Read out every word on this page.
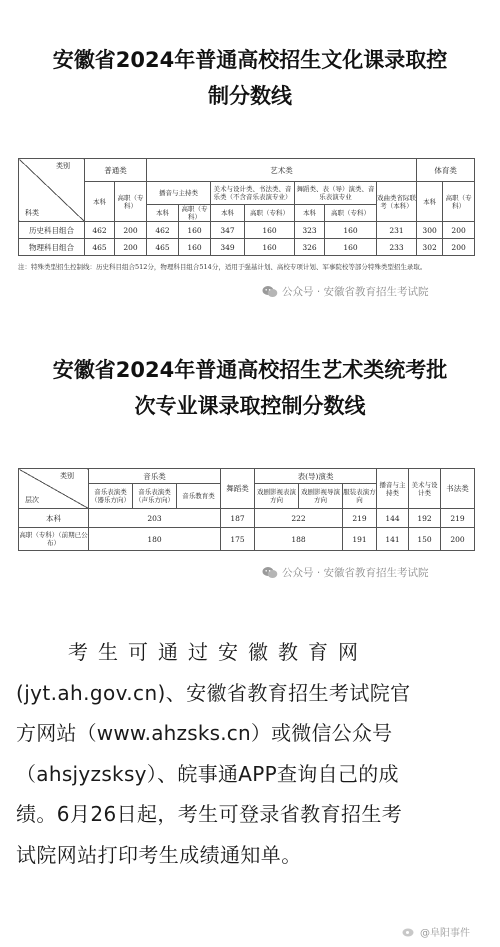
安徽省2024年普通高校招生文化课录取控
制分数线
类别
科类	普通类		艺术类							体育类	
	本科	高职（专科）	播音与主持类		美术与设计类、书法类、音乐类（不含音乐表演专业）		舞蹈类、表（导）演类、音乐表演专业		戏曲类省际联考（本科）	本科	高职（专科）
			本科	高职（专科）	本科	高职（专科）	本科	高职（专科）			
历史科目组合	462	200	462	160	347	160	323	160	231	300	200
物理科目组合	465	200	465	160	349	160	326	160	233	302	200
注：特殊类型招生控制线：历史科目组合512分，物理科目组合514分，适用于强基计划、高校专项计划、军事院校等部分特殊类型招生录取。
公众号 · 安徽省教育招生考试院
安徽省2024年普通高校招生艺术类统考批
次专业课录取控制分数线
类别
层次	音乐类			舞蹈类	表(导)演类			播音与主持类	美术与设计类	书法类
	音乐表演类（器乐方向）	音乐表演类（声乐方向）	音乐教育类		戏剧影视表演方向	戏剧影视导演方向	服装表演方向			
本科	203			187	222		219	144	192	219
高职（专科）（前期已公布）	180			175	188		191	141	150	200
公众号 · 安徽省教育招生考试院
考生可通过安徽教育网
(jyt.ah.gov.cn)、安徽省教育招生考试院官
方网站（www.ahzsks.cn）或微信公众号
（ahsjyzsksy）、皖事通APP查询自己的成
绩。6月26日起，考生可登录省教育招生考
试院网站打印考生成绩通知单。
@阜阳事件
